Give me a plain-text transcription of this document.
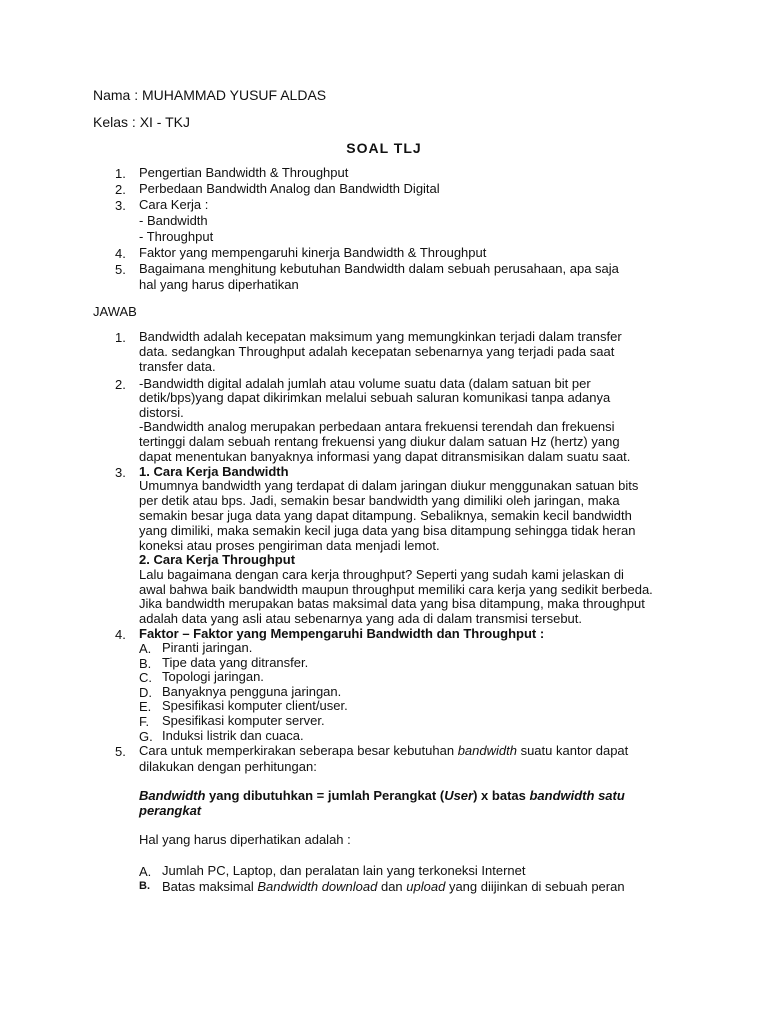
Nama : MUHAMMAD YUSUF ALDAS
Kelas : XI - TKJ
SOAL TLJ
1. Pengertian Bandwidth & Throughput
2. Perbedaan Bandwidth Analog dan Bandwidth Digital
3. Cara Kerja :
- Bandwidth
- Throughput
4. Faktor yang mempengaruhi kinerja Bandwidth & Throughput
5. Bagaimana menghitung kebutuhan Bandwidth dalam sebuah perusahaan, apa saja
hal yang harus diperhatikan
JAWAB
1. Bandwidth adalah kecepatan maksimum yang memungkinkan terjadi dalam transfer
data. sedangkan Throughput adalah kecepatan sebenarnya yang terjadi pada saat
transfer data.
2. -Bandwidth digital adalah jumlah atau volume suatu data (dalam satuan bit per
detik/bps)yang dapat dikirimkan melalui sebuah saluran komunikasi tanpa adanya
distorsi.
-Bandwidth analog merupakan perbedaan antara frekuensi terendah dan frekuensi
tertinggi dalam sebuah rentang frekuensi yang diukur dalam satuan Hz (hertz) yang
dapat menentukan banyaknya informasi yang dapat ditransmisikan dalam suatu saat.
3. 1. Cara Kerja Bandwidth
Umumnya bandwidth yang terdapat di dalam jaringan diukur menggunakan satuan bits
per detik atau bps. Jadi, semakin besar bandwidth yang dimiliki oleh jaringan, maka
semakin besar juga data yang dapat ditampung. Sebaliknya, semakin kecil bandwidth
yang dimiliki, maka semakin kecil juga data yang bisa ditampung sehingga tidak heran
koneksi atau proses pengiriman data menjadi lemot.
2. Cara Kerja Throughput
Lalu bagaimana dengan cara kerja throughput? Seperti yang sudah kami jelaskan di
awal bahwa baik bandwidth maupun throughput memiliki cara kerja yang sedikit berbeda.
Jika bandwidth merupakan batas maksimal data yang bisa ditampung, maka throughput
adalah data yang asli atau sebenarnya yang ada di dalam transmisi tersebut.
4. Faktor – Faktor yang Mempengaruhi Bandwidth dan Throughput :
A. Piranti jaringan.
B. Tipe data yang ditransfer.
C. Topologi jaringan.
D. Banyaknya pengguna jaringan.
E. Spesifikasi komputer client/user.
F. Spesifikasi komputer server.
G. Induksi listrik dan cuaca.
5. Cara untuk memperkirakan seberapa besar kebutuhan bandwidth suatu kantor dapat
dilakukan dengan perhitungan:
Bandwidth yang dibutuhkan = jumlah Perangkat (User) x batas bandwidth satu
perangkat
Hal yang harus diperhatikan adalah :
A. Jumlah PC, Laptop, dan peralatan lain yang terkoneksi Internet
B. Batas maksimal Bandwidth download dan upload yang diijinkan di sebuah peran
